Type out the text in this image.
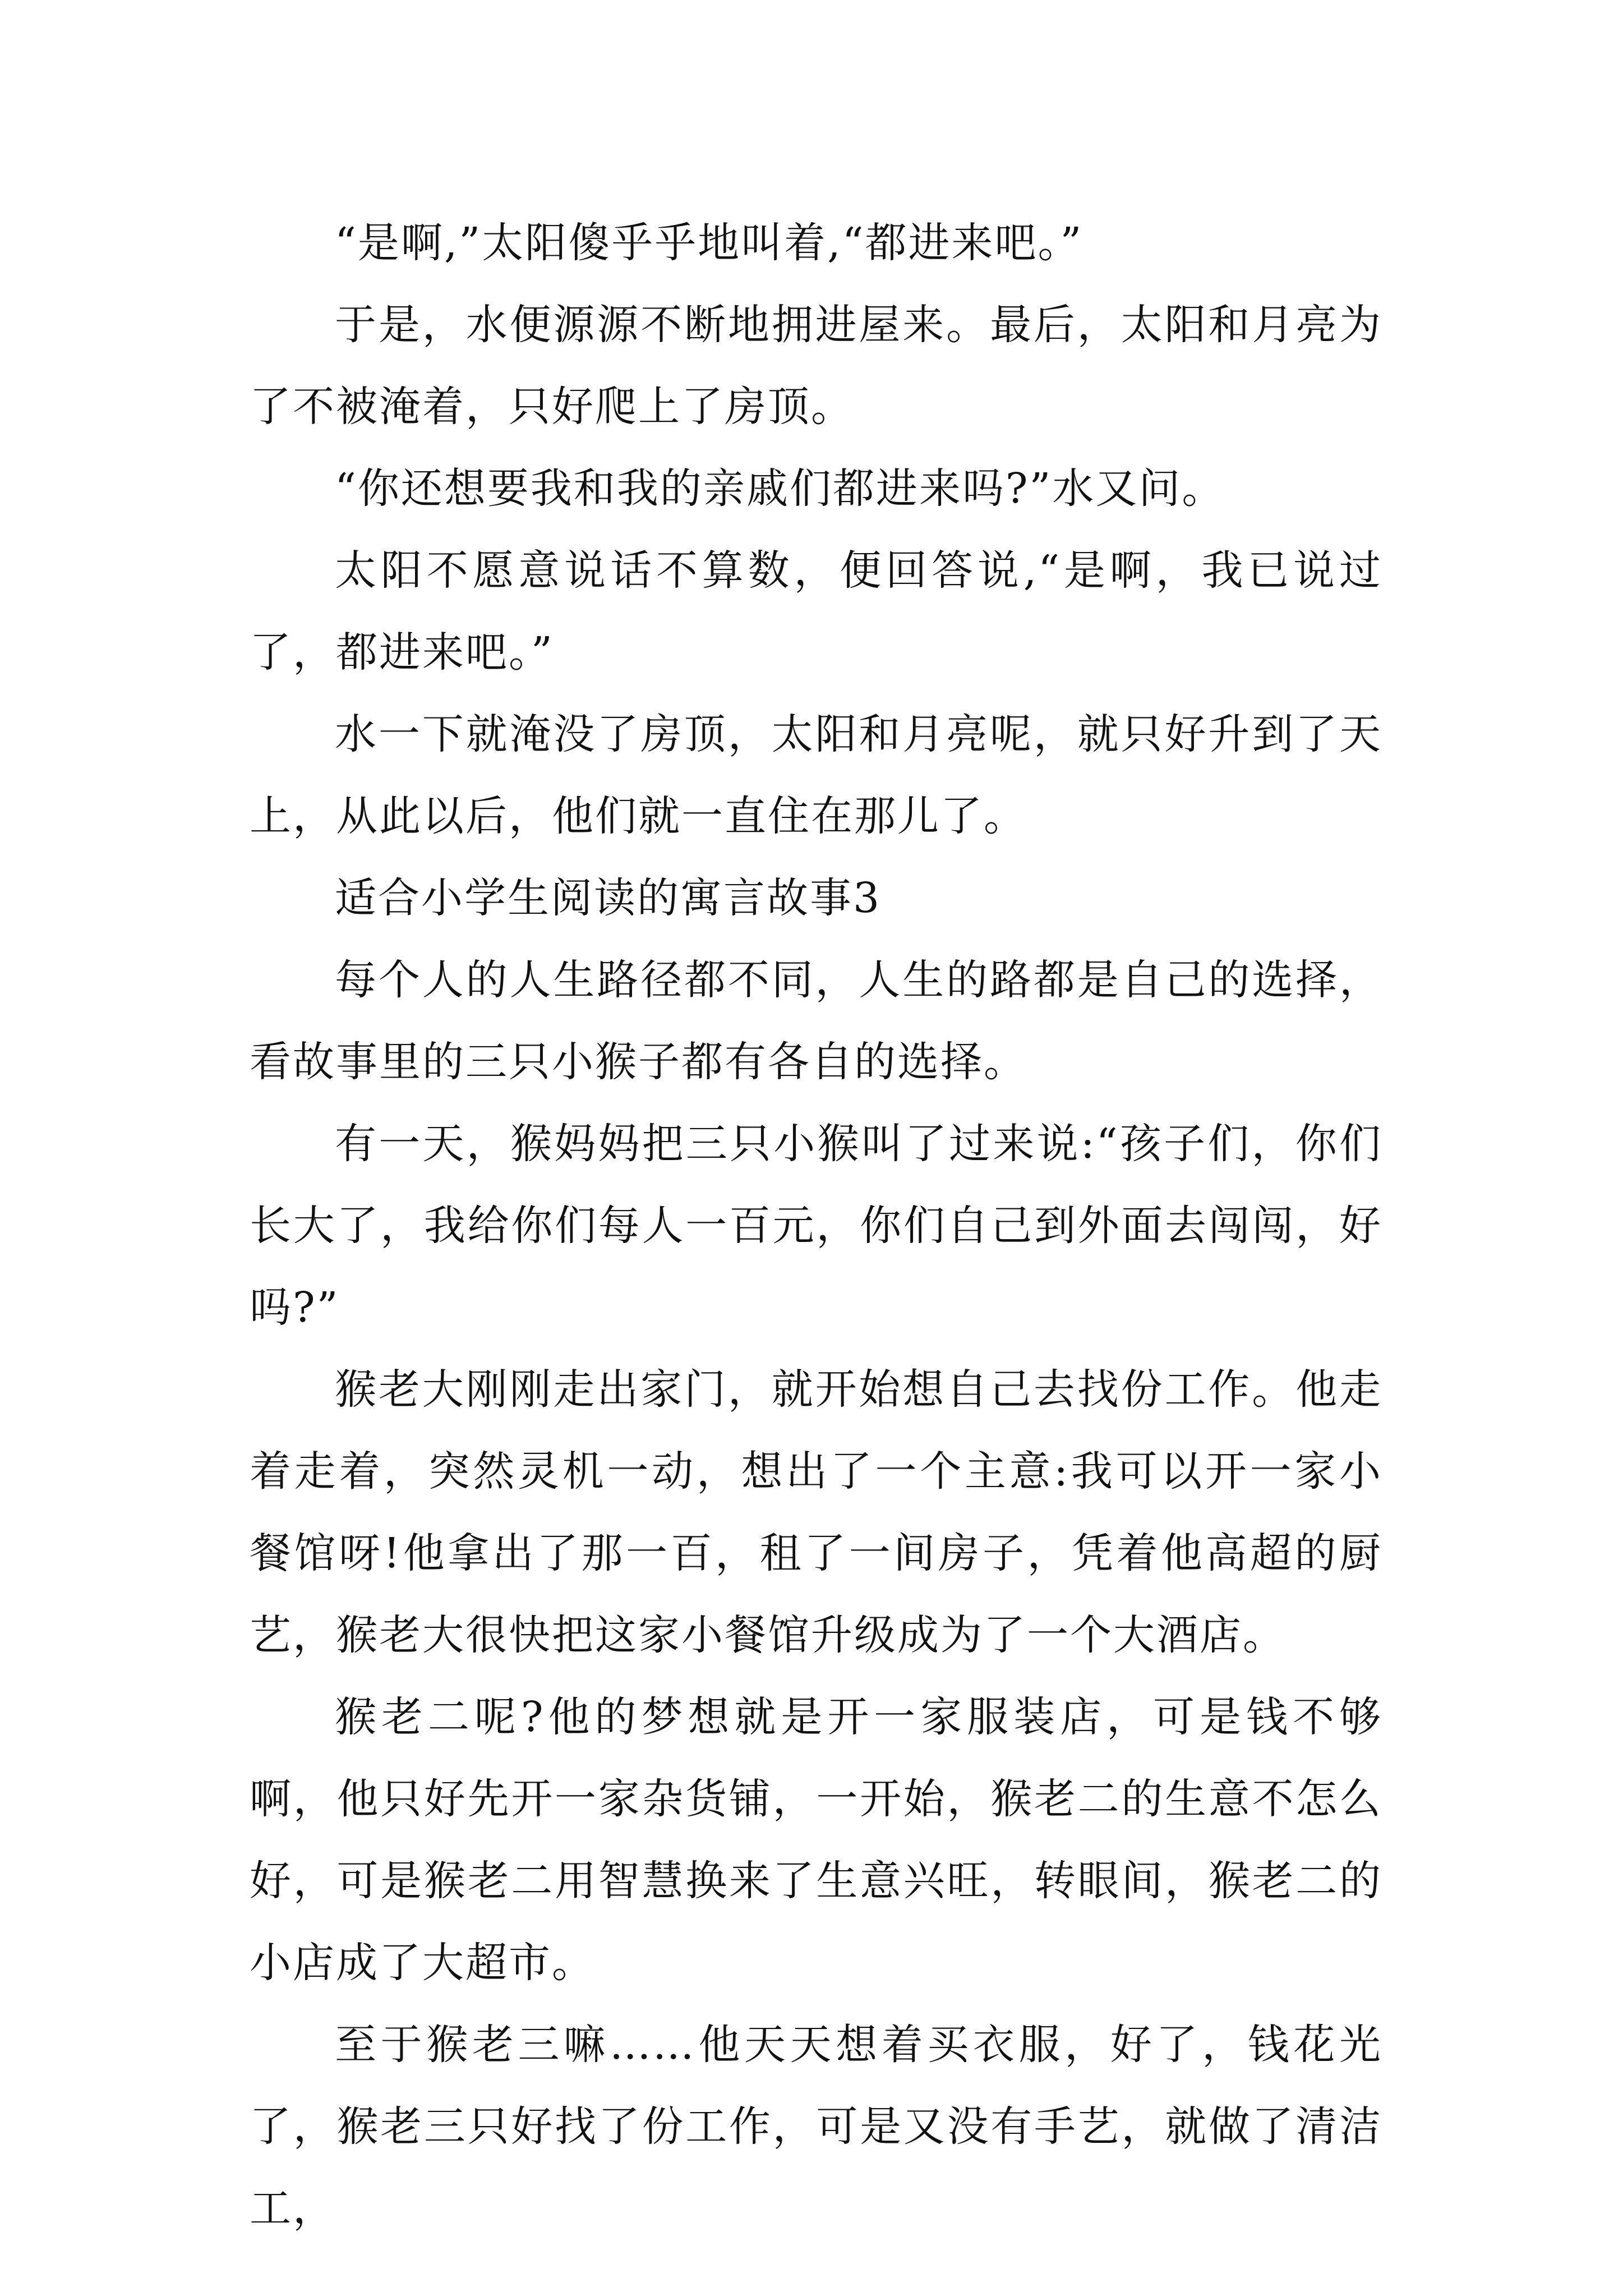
“是啊,”太阳傻乎乎地叫着,“都进来吧。”

于是，水便源源不断地拥进屋来。最后，太阳和月亮为了不被淹着，只好爬上了房顶。

“你还想要我和我的亲戚们都进来吗?”水又问。

太阳不愿意说话不算数，便回答说,“是啊，我已说过了，都进来吧。”

水一下就淹没了房顶，太阳和月亮呢，就只好升到了天上，从此以后，他们就一直住在那儿了。

适合小学生阅读的寓言故事3

每个人的人生路径都不同，人生的路都是自己的选择，看故事里的三只小猴子都有各自的选择。

有一天，猴妈妈把三只小猴叫了过来说:“孩子们，你们长大了，我给你们每人一百元，你们自己到外面去闯闯，好吗?”

猴老大刚刚走出家门，就开始想自己去找份工作。他走着走着，突然灵机一动，想出了一个主意:我可以开一家小餐馆呀!他拿出了那一百，租了一间房子，凭着他高超的厨艺，猴老大很快把这家小餐馆升级成为了一个大酒店。

猴老二呢?他的梦想就是开一家服装店，可是钱不够啊，他只好先开一家杂货铺，一开始，猴老二的生意不怎么好，可是猴老二用智慧换来了生意兴旺，转眼间，猴老二的小店成了大超市。

至于猴老三嘛……他天天想着买衣服，好了，钱花光了，猴老三只好找了份工作，可是又没有手艺，就做了清洁工，
